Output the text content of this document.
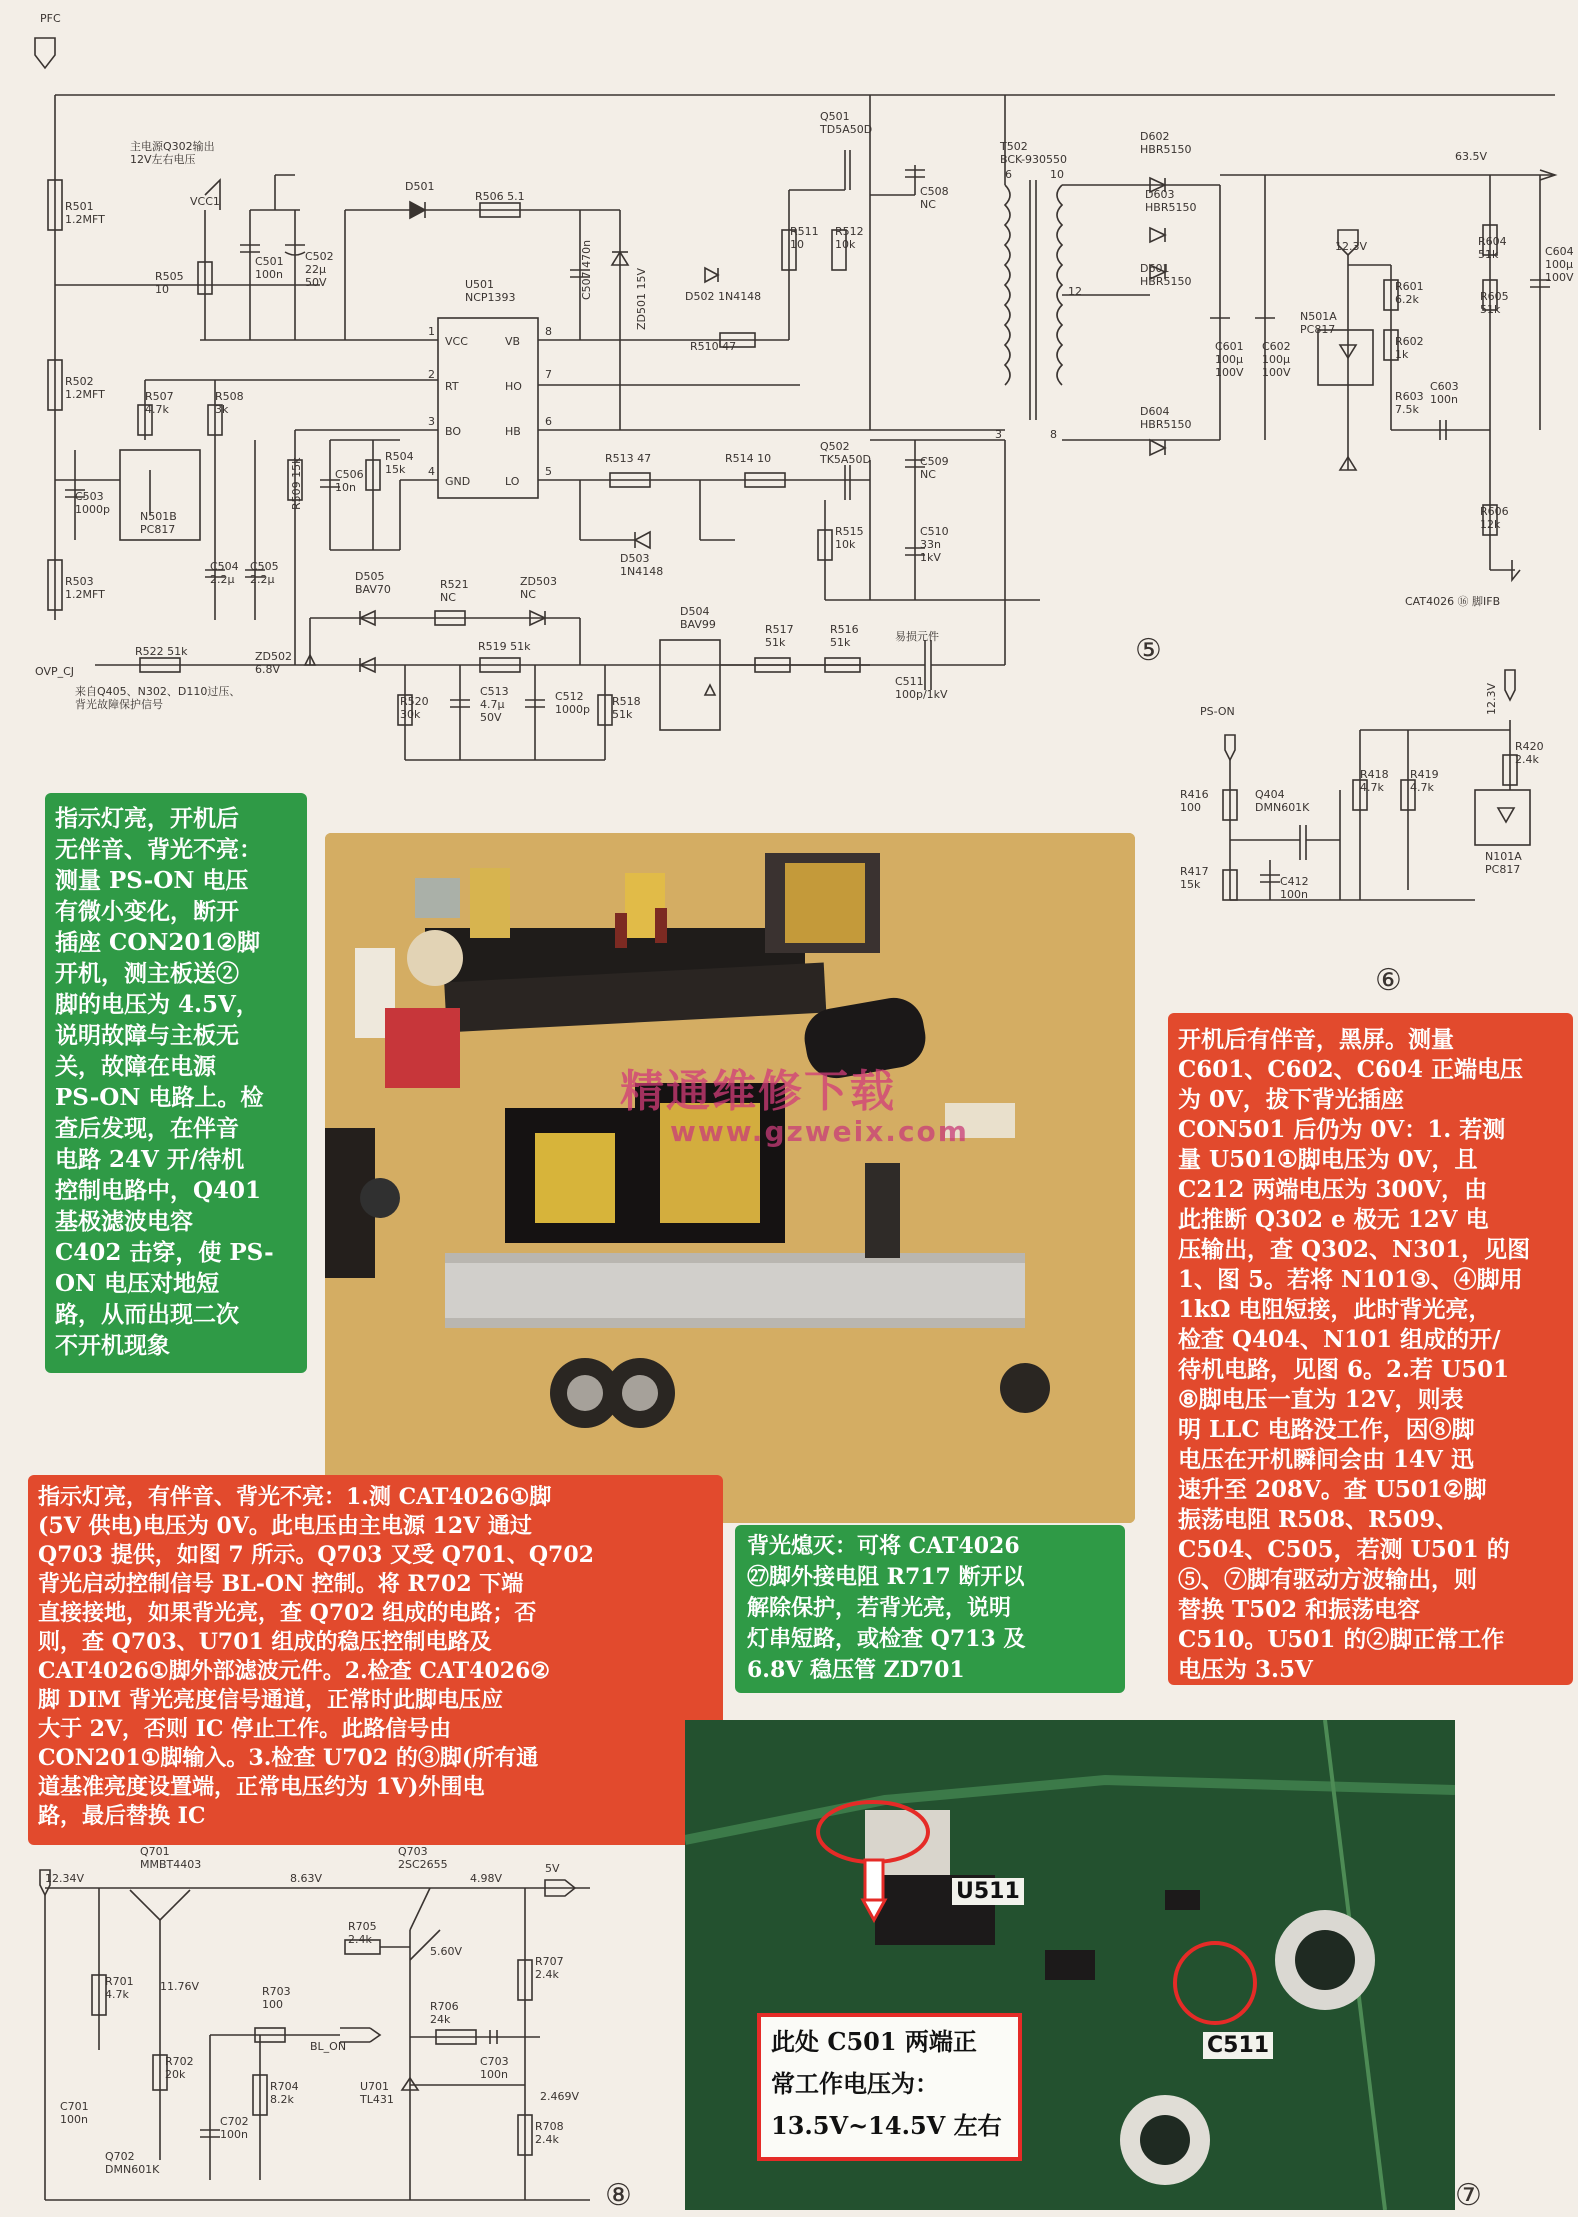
PFC
主电源Q302输出 12V左右电压
VCC1
R501 1.2MFT
R502 1.2MFT
R503 1.2MFT
R505 10
C501 100n
C502 22μ 50V
D501
R506 5.1
U501 NCP1393
VCC
RT
BO
GND
VB
HO
HB
LO
1
2
3
4
8
7
6
5
C507 470n	ZD501 15V
Q501 TD5A50D
C508 NC
R511 10
R512 10k
D502 1N4148
R510 47
T502 BCK-930550
D602 HBR5150
D603 HBR5150
D601 HBR5150
D604 HBR5150
63.5V
12.3V	R604 51k
R605 51k
C604 100μ 100V
R601 6.2k
R602 1k
N501A PC817
C601 100μ 100V
C602 100μ 100V
R603 7.5k
C603 100n
R606 12k
CAT4026 ⑯ 脚IFB
R507 4.7k
R508 3k
R509 15k
C503 1000p
N501B PC817
C504 2.2μ
C505 2.2μ
C506 10n
R504 15k
R513 47	R514 10
Q502 TK5A50D	C509 NC
D503 1N4148
R515 10k
C510 33n 1kV
D505 BAV70	R521 NC
ZD503 NC
D504 BAV99	R517 51k
R516 51k	易损元件
C511 100p/1kV
ZD502 6.8V
OVP_CJ
R522 51k
来自Q405、N302、D110过压、背光故障保护信号
R519 51k
R520 30k
C513 4.7μ 50V
C512 1000p
R518 51k
6	10
12
3	8
⑤
PS-ON	12.3V
R416 100
Q404 DMN601K
R417 15k	C412 100n
R418 4.7k
R419 4.7k
R420 2.4k
N101A PC817
⑥
12.34V
Q701 MMBT4403
8.63V
Q703 2SC2655
4.98V
5V
R701 4.7k
11.76V	R703 100
BL_ON
R705 2.4k
5.60V
R707 2.4k
R706 24k
C703 100n
R702 20k
R704 8.2k
U701 TL431	2.469V
C701 100n	C702 100n
Q702 DMN601K
R708 2.4k
⑧	⑦
精通维修下载
www.gzweix.com
指示灯亮，开机后
无伴音、背光不亮：
测量 PS-ON 电压
有微小变化，断开
插座 CON201②脚
开机，测主板送②
脚的电压为 4.5V，
说明故障与主板无
关，故障在电源
PS-ON 电路上。检
查后发现，在伴音
电路 24V 开/待机
控制电路中，Q401
基极滤波电容
C402 击穿，使 PS-
ON 电压对地短
路，从而出现二次
不开机现象
开机后有伴音，黑屏。测量
C601、C602、C604 正端电压
为 0V，拔下背光插座
CON501 后仍为 0V：1. 若测
量 U501①脚电压为 0V，且
C212 两端电压为 300V，由
此推断 Q302 e 极无 12V 电
压输出，查 Q302、N301，见图
1、图 5。若将 N101③、④脚用
1kΩ 电阻短接，此时背光亮，
检查 Q404、N101 组成的开/
待机电路，见图 6。2.若 U501
⑧脚电压一直为 12V，则表
明 LLC 电路没工作，因⑧脚
电压在开机瞬间会由 14V 迅
速升至 208V。查 U501②脚
振荡电阻 R508、R509、
C504、C505，若测 U501 的
⑤、⑦脚有驱动方波输出，则
替换 T502 和振荡电容
C510。U501 的②脚正常工作
电压为 3.5V
指示灯亮，有伴音、背光不亮：1.测 CAT4026①脚
(5V 供电)电压为 0V。此电压由主电源 12V 通过
Q703 提供，如图 7 所示。Q703 又受 Q701、Q702
背光启动控制信号 BL-ON 控制。将 R702 下端
直接接地，如果背光亮，查 Q702 组成的电路；否
则，查 Q703、U701 组成的稳压控制电路及
CAT4026①脚外部滤波元件。2.检查 CAT4026②
脚 DIM 背光亮度信号通道，正常时此脚电压应
大于 2V，否则 IC 停止工作。此路信号由
CON201①脚输入。3.检查 U702 的③脚(所有通
道基准亮度设置端，正常电压约为 1V)外围电
路，最后替换 IC
背光熄灭：可将 CAT4026
㉗脚外接电阻 R717 断开以
解除保护，若背光亮，说明
灯串短路，或检查 Q713 及
6.8V 稳压管 ZD701
U511
C511
此处 C501 两端正
常工作电压为：
13.5V~14.5V 左右
